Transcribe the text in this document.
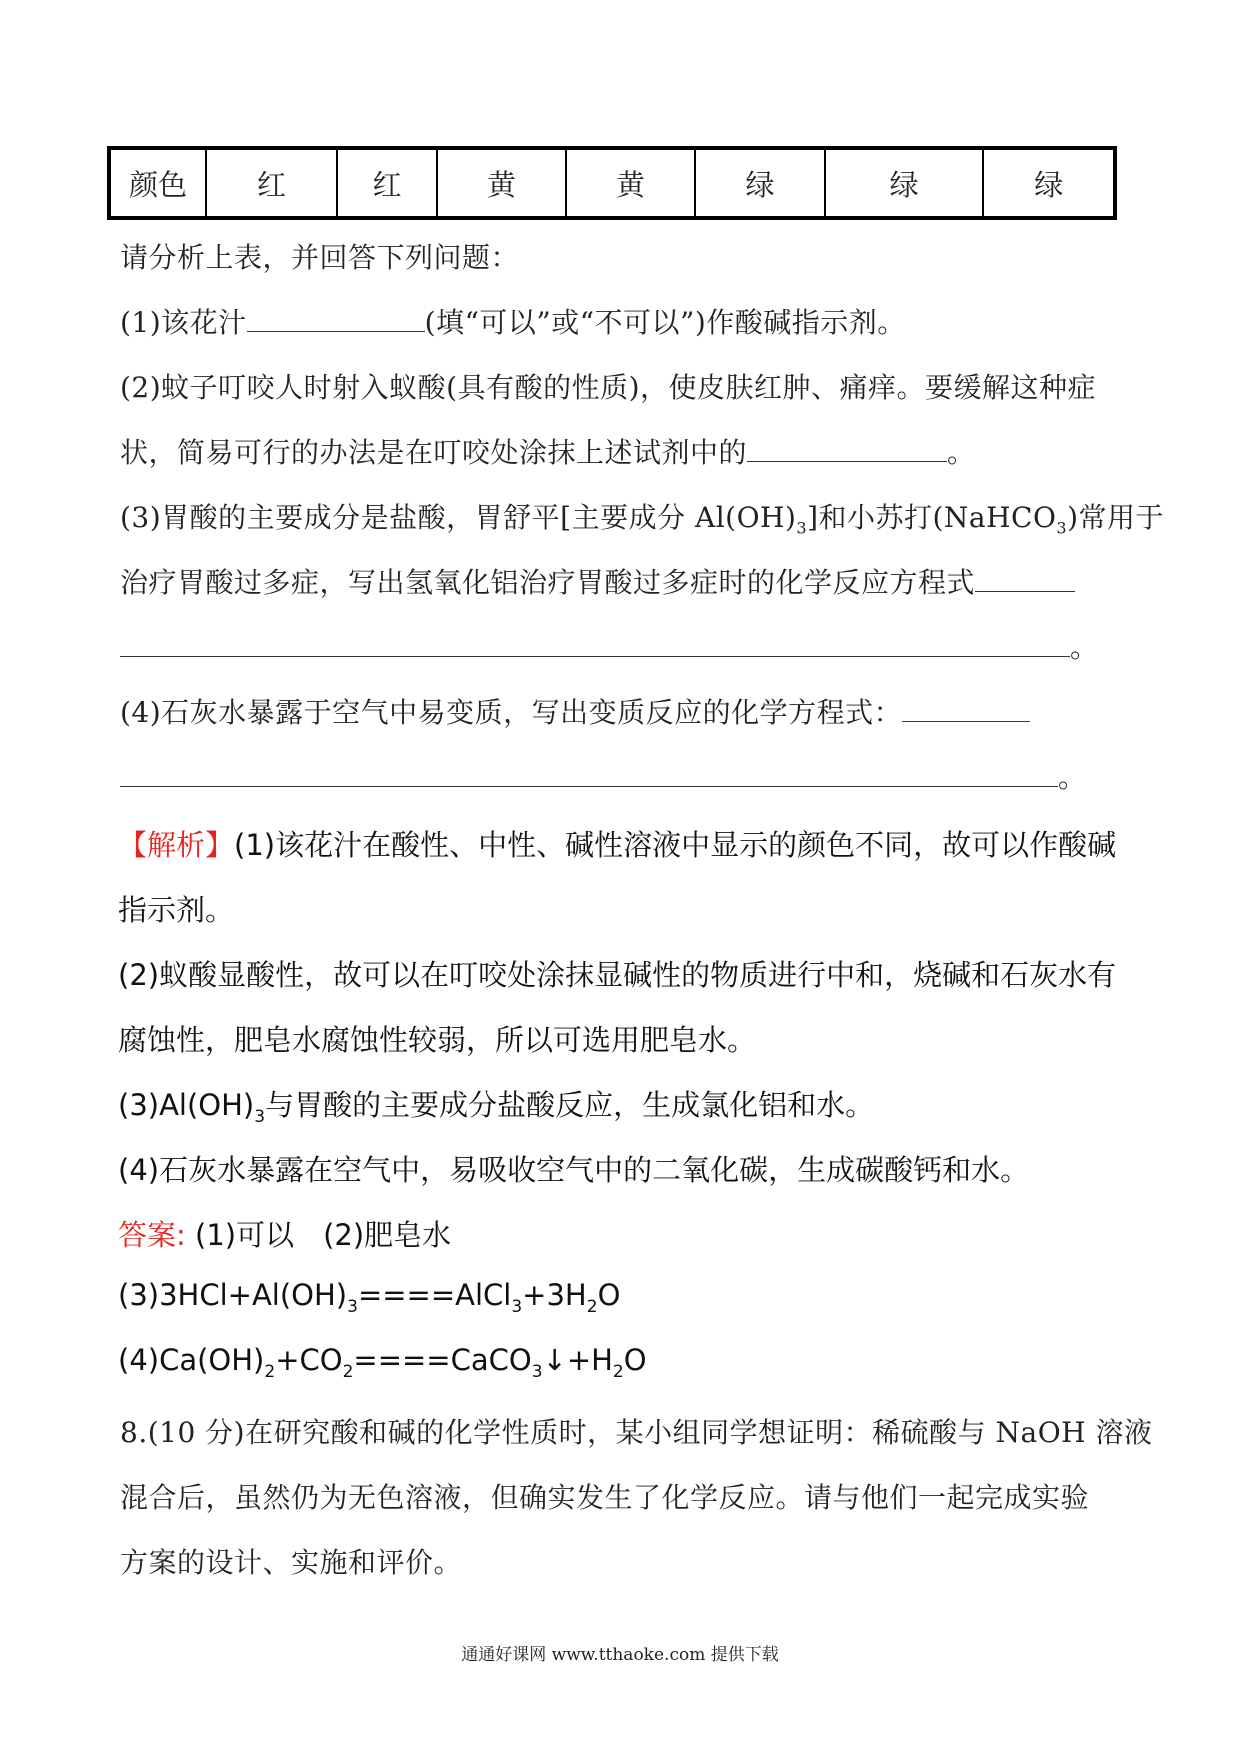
颜色	红	红	黄	黄	绿	绿	绿
请分析上表，并回答下列问题：
(1)该花汁	(填“可以”或“不可以”)作酸碱指示剂。
(2)蚊子叮咬人时射入蚁酸(具有酸的性质)，使皮肤红肿、痛痒。要缓解这种症
状，简易可行的办法是在叮咬处涂抹上述试剂中的	。
(3)胃酸的主要成分是盐酸，胃舒平[主要成分 $Al(OH)_3$]和小苏打(NaHCO$_3$)常用于
治疗胃酸过多症，写出氢氧化铝治疗胃酸过多症时的化学反应方程式
。
(4)石灰水暴露于空气中易变质，写出变质反应的化学方程式：
。
【解析】(1)该花汁在酸性、中性、碱性溶液中显示的颜色不同，故可以作酸碱
指示剂。
(2)蚁酸显酸性，故可以在叮咬处涂抹显碱性的物质进行中和，烧碱和石灰水有
腐蚀性，肥皂水腐蚀性较弱，所以可选用肥皂水。
$(3)Al(OH)_3$与胃酸的主要成分盐酸反应，生成氯化铝和水。
(4)石灰水暴露在空气中，易吸收空气中的二氧化碳，生成碳酸钙和水。
答案: (1)可以　(2)肥皂水
$(3)3HCl+Al(OH)_3====AlCl_3+3H_2O$
$(4)Ca(OH)_2+CO_2====CaCO_3↓+H_2O$
8.(10 分)在研究酸和碱的化学性质时，某小组同学想证明：稀硫酸与 NaOH 溶液
混合后，虽然仍为无色溶液，但确实发生了化学反应。请与他们一起完成实验
方案的设计、实施和评价。
通通好课网 www.tthaoke.com 提供下载
